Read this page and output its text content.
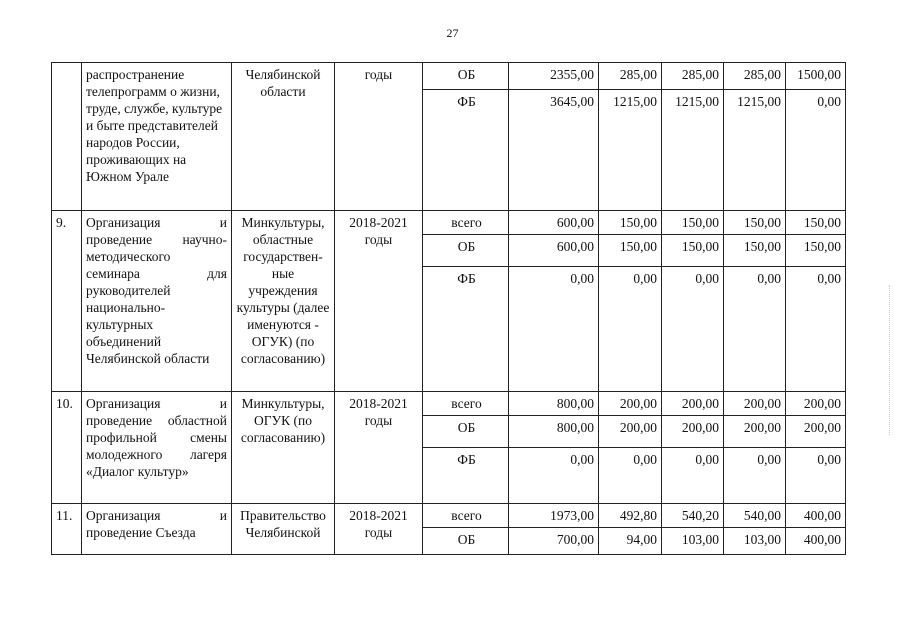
27
	распространение телепрограмм о жизни, труде, службе, культуре и быте представителей народов России, проживающих на Южном Урале	Челябинской области	годы	ОБ	2355,00	285,00	285,00	285,00	1500,00
				ФБ	3645,00	1215,00	1215,00	1215,00	0,00
9.	Организация и проведение научно-методического семинара для руководителей национально-культурных объединений Челябинской области	Минкультуры, областные государствен-ные учреждения культуры (далее именуются - ОГУК) (по согласованию)	2018-2021 годы	всего	600,00	150,00	150,00	150,00	150,00
				ОБ	600,00	150,00	150,00	150,00	150,00
				ФБ	0,00	0,00	0,00	0,00	0,00
10.	Организация и проведение областной профильной смены молодежного лагеря «Диалог культур»	Минкультуры, ОГУК (по согласованию)	2018-2021 годы	всего	800,00	200,00	200,00	200,00	200,00
				ОБ	800,00	200,00	200,00	200,00	200,00
				ФБ	0,00	0,00	0,00	0,00	0,00
11.	Организация и проведение Съезда	Правительство Челябинской	2018-2021 годы	всего	1973,00	492,80	540,20	540,00	400,00
				ОБ	700,00	94,00	103,00	103,00	400,00
